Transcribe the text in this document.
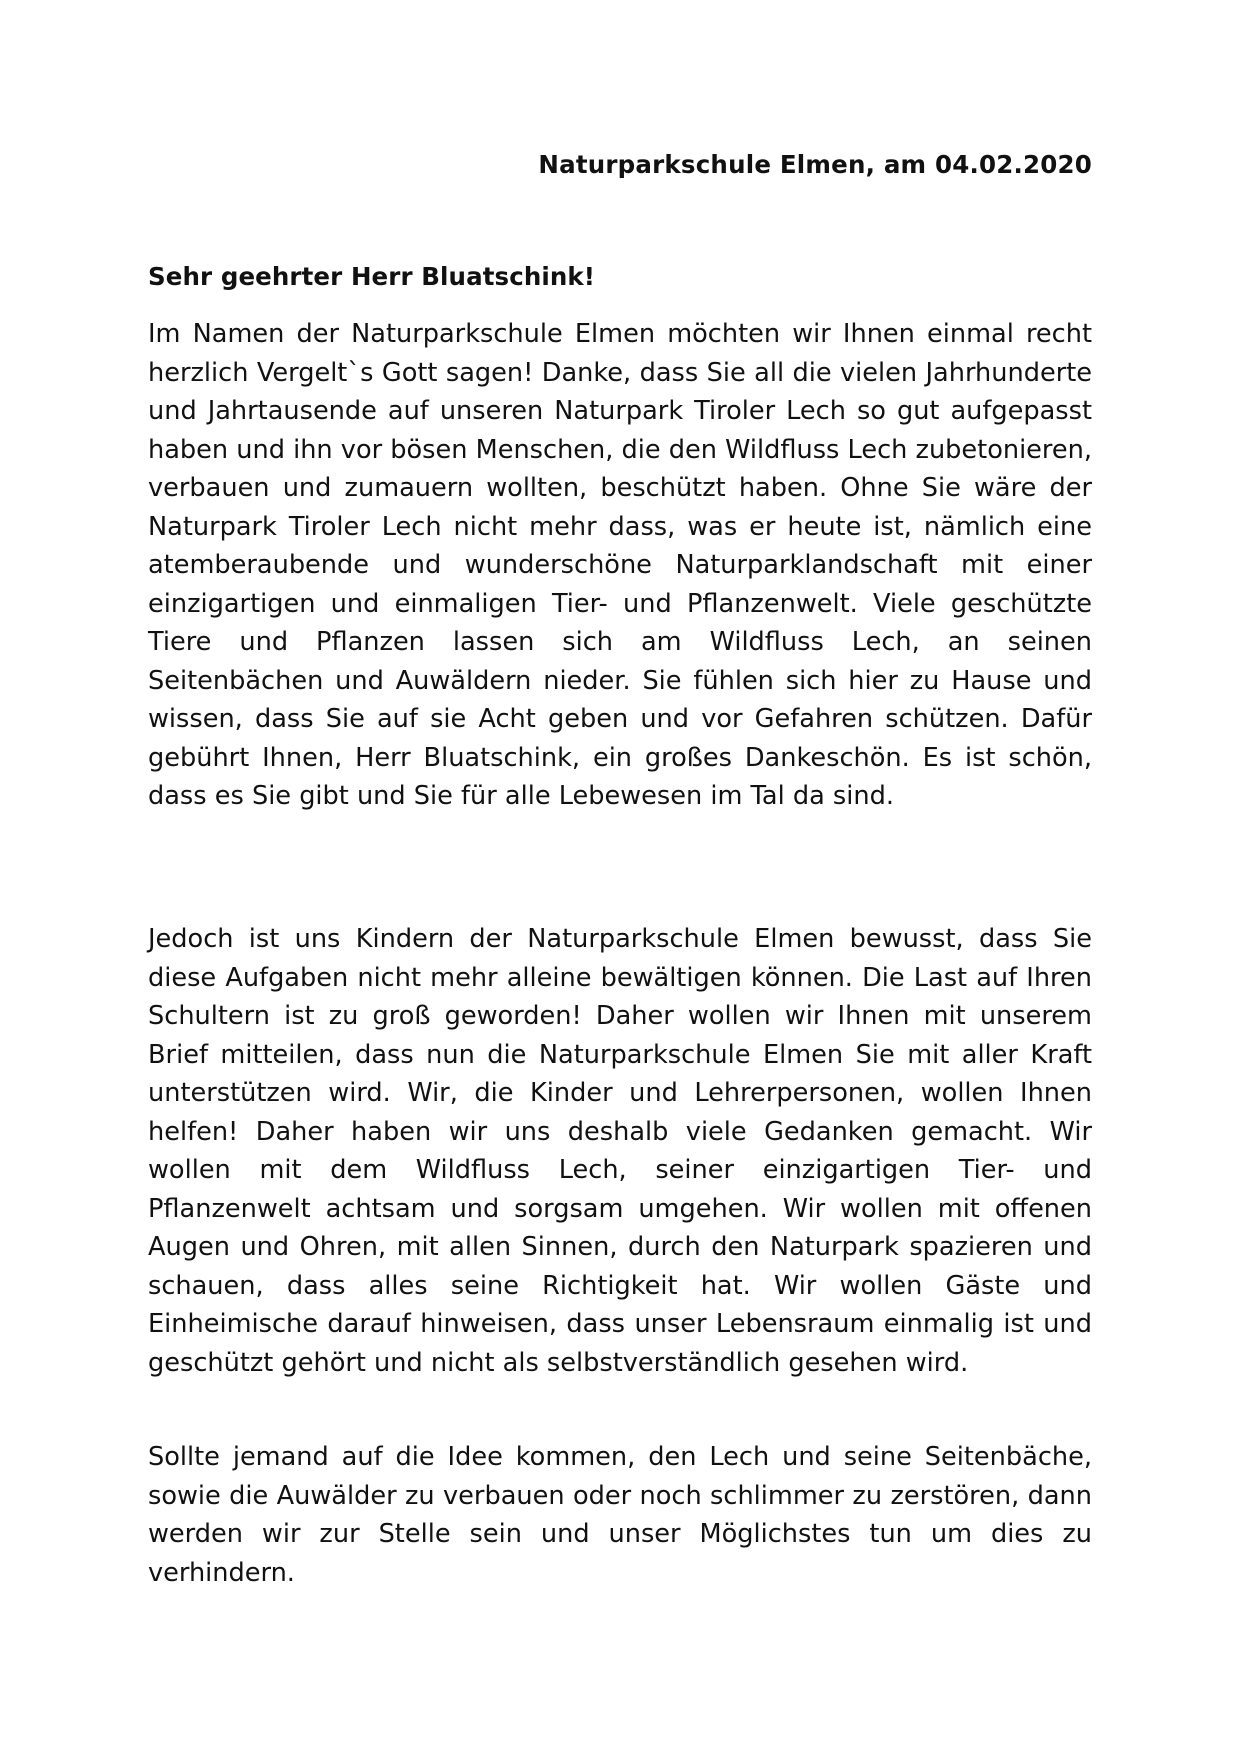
Naturparkschule Elmen, am 04.02.2020
Sehr geehrter Herr Bluatschink!

Im Namen der Naturparkschule Elmen möchten wir Ihnen einmal recht herzlich Vergelt`s Gott sagen! Danke, dass Sie all die vielen Jahrhunderte und Jahrtausende auf unseren Naturpark Tiroler Lech so gut aufgepasst haben und ihn vor bösen Menschen, die den Wildfluss Lech zubetonieren, verbauen und zumauern wollten, beschützt haben. Ohne Sie wäre der Naturpark Tiroler Lech nicht mehr dass, was er heute ist, nämlich eine atemberaubende und wunderschöne Naturparklandschaft mit einer einzigartigen und einmaligen Tier- und Pflanzenwelt. Viele geschützte Tiere und Pflanzen lassen sich am Wildfluss Lech, an seinen Seitenbächen und Auwäldern nieder. Sie fühlen sich hier zu Hause und wissen, dass Sie auf sie Acht geben und vor Gefahren schützen. Dafür gebührt Ihnen, Herr Bluatschink, ein großes Dankeschön. Es ist schön, dass es Sie gibt und Sie für alle Lebewesen im Tal da sind.

Jedoch ist uns Kindern der Naturparkschule Elmen bewusst, dass Sie diese Aufgaben nicht mehr alleine bewältigen können. Die Last auf Ihren Schultern ist zu groß geworden! Daher wollen wir Ihnen mit unserem Brief mitteilen, dass nun die Naturparkschule Elmen Sie mit aller Kraft unterstützen wird. Wir, die Kinder und Lehrerpersonen, wollen Ihnen helfen! Daher haben wir uns deshalb viele Gedanken gemacht. Wir wollen mit dem Wildfluss Lech, seiner einzigartigen Tier- und Pflanzenwelt achtsam und sorgsam umgehen. Wir wollen mit offenen Augen und Ohren, mit allen Sinnen, durch den Naturpark spazieren und schauen, dass alles seine Richtigkeit hat. Wir wollen Gäste und Einheimische darauf hinweisen, dass unser Lebensraum einmalig ist und geschützt gehört und nicht als selbstverständlich gesehen wird.

Sollte jemand auf die Idee kommen, den Lech und seine Seitenbäche, sowie die Auwälder zu verbauen oder noch schlimmer zu zerstören, dann werden wir zur Stelle sein und unser Möglichstes tun um dies zu verhindern.
